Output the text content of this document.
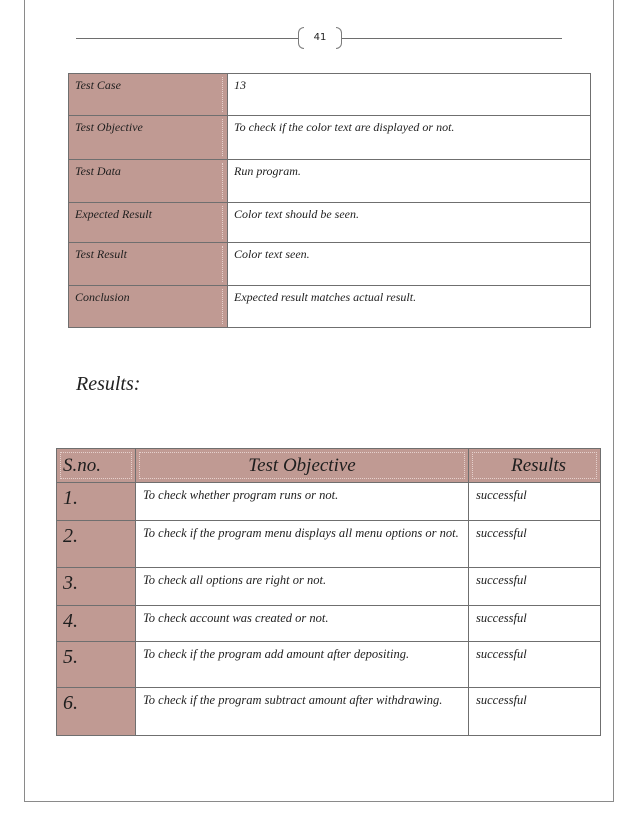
41
Test Case	13
Test Objective	To check if the color text are displayed or not.
Test Data	Run program.
Expected Result	Color text should be seen.
Test Result	Color text seen.
Conclusion	Expected result matches actual result.
Results:
S.no.	Test Objective	Results
1.	To check whether program runs or not.	successful
2.	To check if the program menu displays all menu options or not.	successful
3.	To check all options are right or not.	successful
4.	To check account was created or not.	successful
5.	To check if the program add amount after depositing.	successful
6.	To check if the program subtract amount after withdrawing.	successful
